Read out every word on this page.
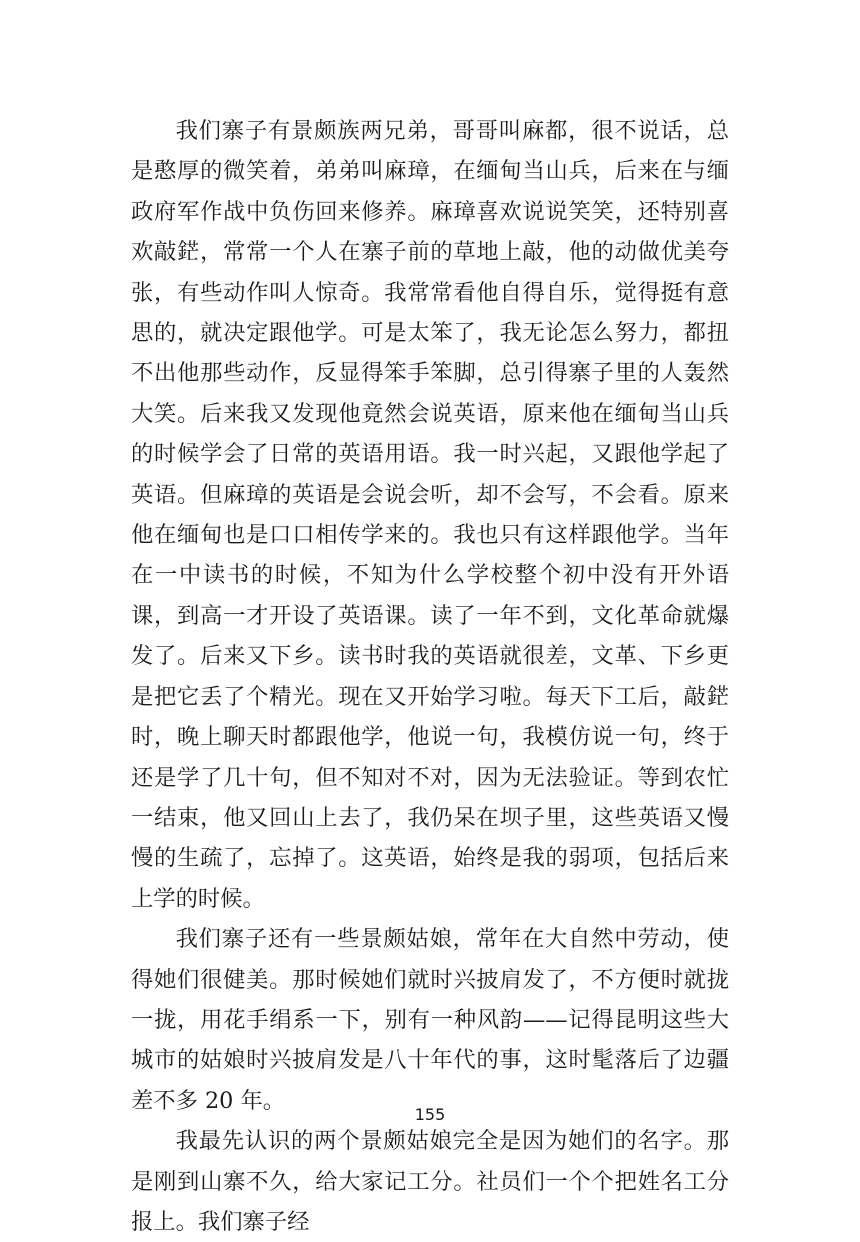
我们寨子有景颇族两兄弟，哥哥叫麻都，很不说话，总是憨厚的微笑着，弟弟叫麻璋，在缅甸当山兵，后来在与缅政府军作战中负伤回来修养。麻璋喜欢说说笑笑，还特别喜欢敲鋩，常常一个人在寨子前的草地上敲，他的动做优美夸张，有些动作叫人惊奇。我常常看他自得自乐，觉得挺有意思的，就决定跟他学。可是太笨了，我无论怎么努力，都扭不出他那些动作，反显得笨手笨脚，总引得寨子里的人轰然大笑。后来我又发现他竟然会说英语，原来他在缅甸当山兵的时候学会了日常的英语用语。我一时兴起，又跟他学起了英语。但麻璋的英语是会说会听，却不会写，不会看。原来他在缅甸也是口口相传学来的。我也只有这样跟他学。当年在一中读书的时候，不知为什么学校整个初中没有开外语课，到高一才开设了英语课。读了一年不到，文化革命就爆发了。后来又下乡。读书时我的英语就很差，文革、下乡更是把它丢了个精光。现在又开始学习啦。每天下工后，敲鋩时，晚上聊天时都跟他学，他说一句，我模仿说一句，终于还是学了几十句，但不知对不对，因为无法验证。等到农忙一结束，他又回山上去了，我仍呆在坝子里，这些英语又慢慢的生疏了，忘掉了。这英语，始终是我的弱项，包括后来上学的时候。

我们寨子还有一些景颇姑娘，常年在大自然中劳动，使得她们很健美。那时候她们就时兴披肩发了，不方便时就拢一拢，用花手绢系一下，别有一种风韵——记得昆明这些大城市的姑娘时兴披肩发是八十年代的事，这时髦落后了边疆差不多 20 年。

我最先认识的两个景颇姑娘完全是因为她们的名字。那是刚到山寨不久，给大家记工分。社员们一个个把姓名工分报上。我们寨子经

155
